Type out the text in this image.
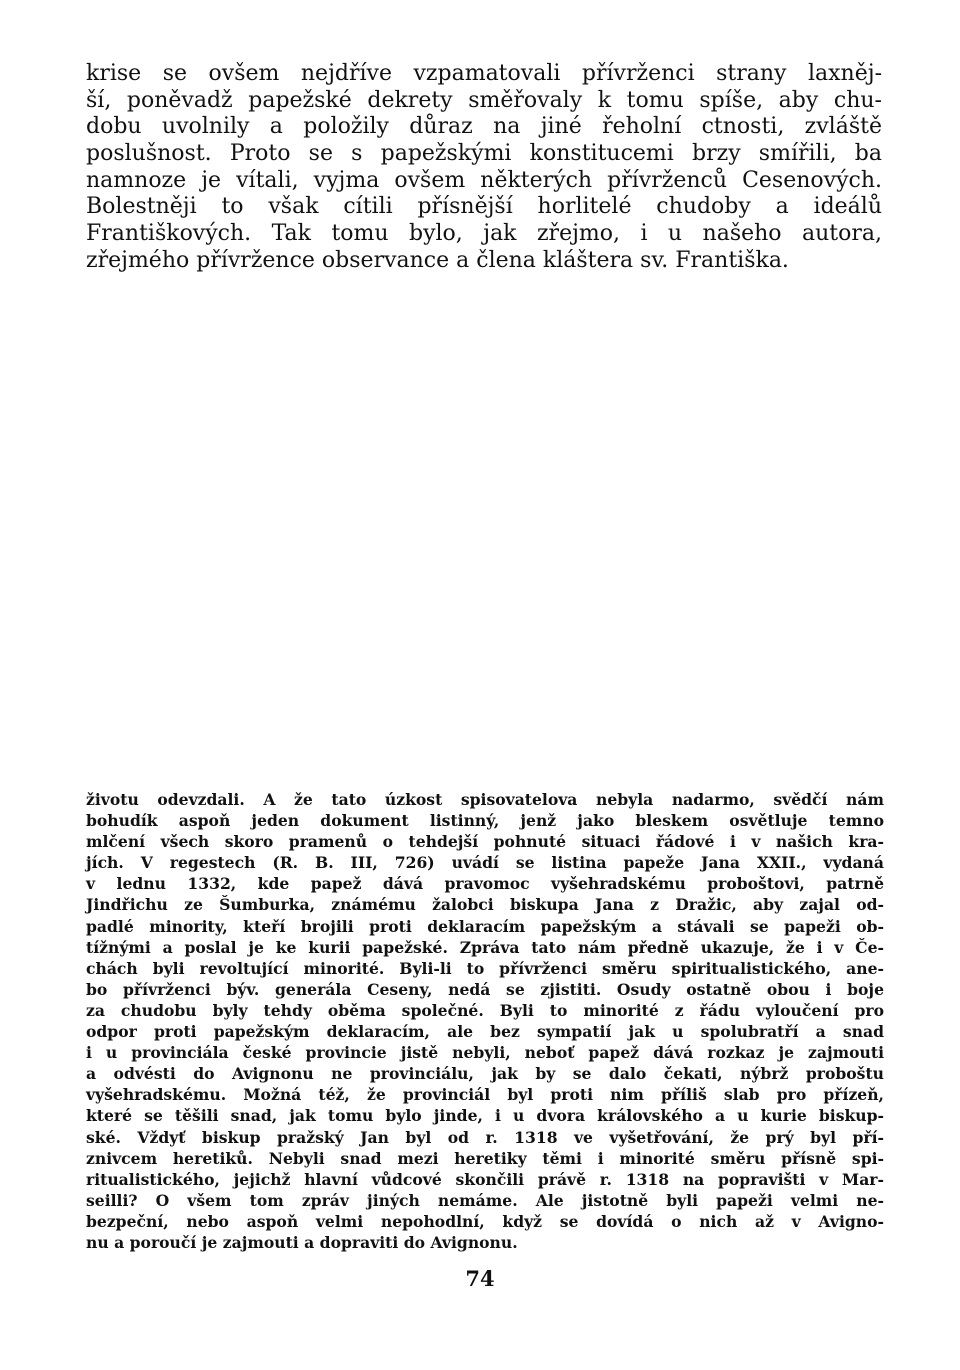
krise se ovšem nejdříve vzpamatovali přívrženci strany laxněj-
ší, poněvadž papežské dekrety směřovaly k tomu spíše, aby chu-
dobu uvolnily a položily důraz na jiné řeholní ctnosti, zvláště
poslušnost. Proto se s papežskými konstitucemi brzy smířili, ba
namnoze je vítali, vyjma ovšem některých přívrženců Cesenových.
Bolestněji to však cítili přísnější horlitelé chudoby a ideálů
Františkových. Tak tomu bylo, jak zřejmo, i u našeho autora,
zřejmého přívržence observance a člena kláštera sv. Františka.
životu odevzdali. A že tato úzkost spisovatelova nebyla nadarmo, svědčí nám
bohudík aspoň jeden dokument listinný, jenž jako bleskem osvětluje temno
mlčení všech skoro pramenů o tehdejší pohnuté situaci řádové i v našich kra-
jích. V regestech (R. B. III, 726) uvádí se listina papeže Jana XXII., vydaná
v lednu 1332, kde papež dává pravomoc vyšehradskému proboštovi, patrně
Jindřichu ze Šumburka, známému žalobci biskupa Jana z Dražic, aby zajal od-
padlé minority, kteří brojili proti deklaracím papežským a stávali se papeži ob-
tížnými a poslal je ke kurii papežské. Zpráva tato nám předně ukazuje, že i v Če-
chách byli revoltující minorité. Byli-li to přívrženci směru spiritualistického, ane-
bo přívrženci býv. generála Ceseny, nedá se zjistiti. Osudy ostatně obou i boje
za chudobu byly tehdy oběma společné. Byli to minorité z řádu vyloučení pro
odpor proti papežským deklaracím, ale bez sympatií jak u spolubratří a snad
i u provinciála české provincie jistě nebyli, neboť papež dává rozkaz je zajmouti
a odvésti do Avignonu ne provinciálu, jak by se dalo čekati, nýbrž proboštu
vyšehradskému. Možná též, že provinciál byl proti nim příliš slab pro přízeň,
které se těšili snad, jak tomu bylo jinde, i u dvora královského a u kurie biskup-
ské. Vždyť biskup pražský Jan byl od r. 1318 ve vyšetřování, že prý byl pří-
znivcem heretiků. Nebyli snad mezi heretiky těmi i minorité směru přísně spi-
ritualistického, jejichž hlavní vůdcové skončili právě r. 1318 na popravišti v Mar-
seilli? O všem tom zpráv jiných nemáme. Ale jistotně byli papeži velmi ne-
bezpeční, nebo aspoň velmi nepohodlní, když se dovídá o nich až v Avigno-
nu a poroučí je zajmouti a dopraviti do Avignonu.
74
